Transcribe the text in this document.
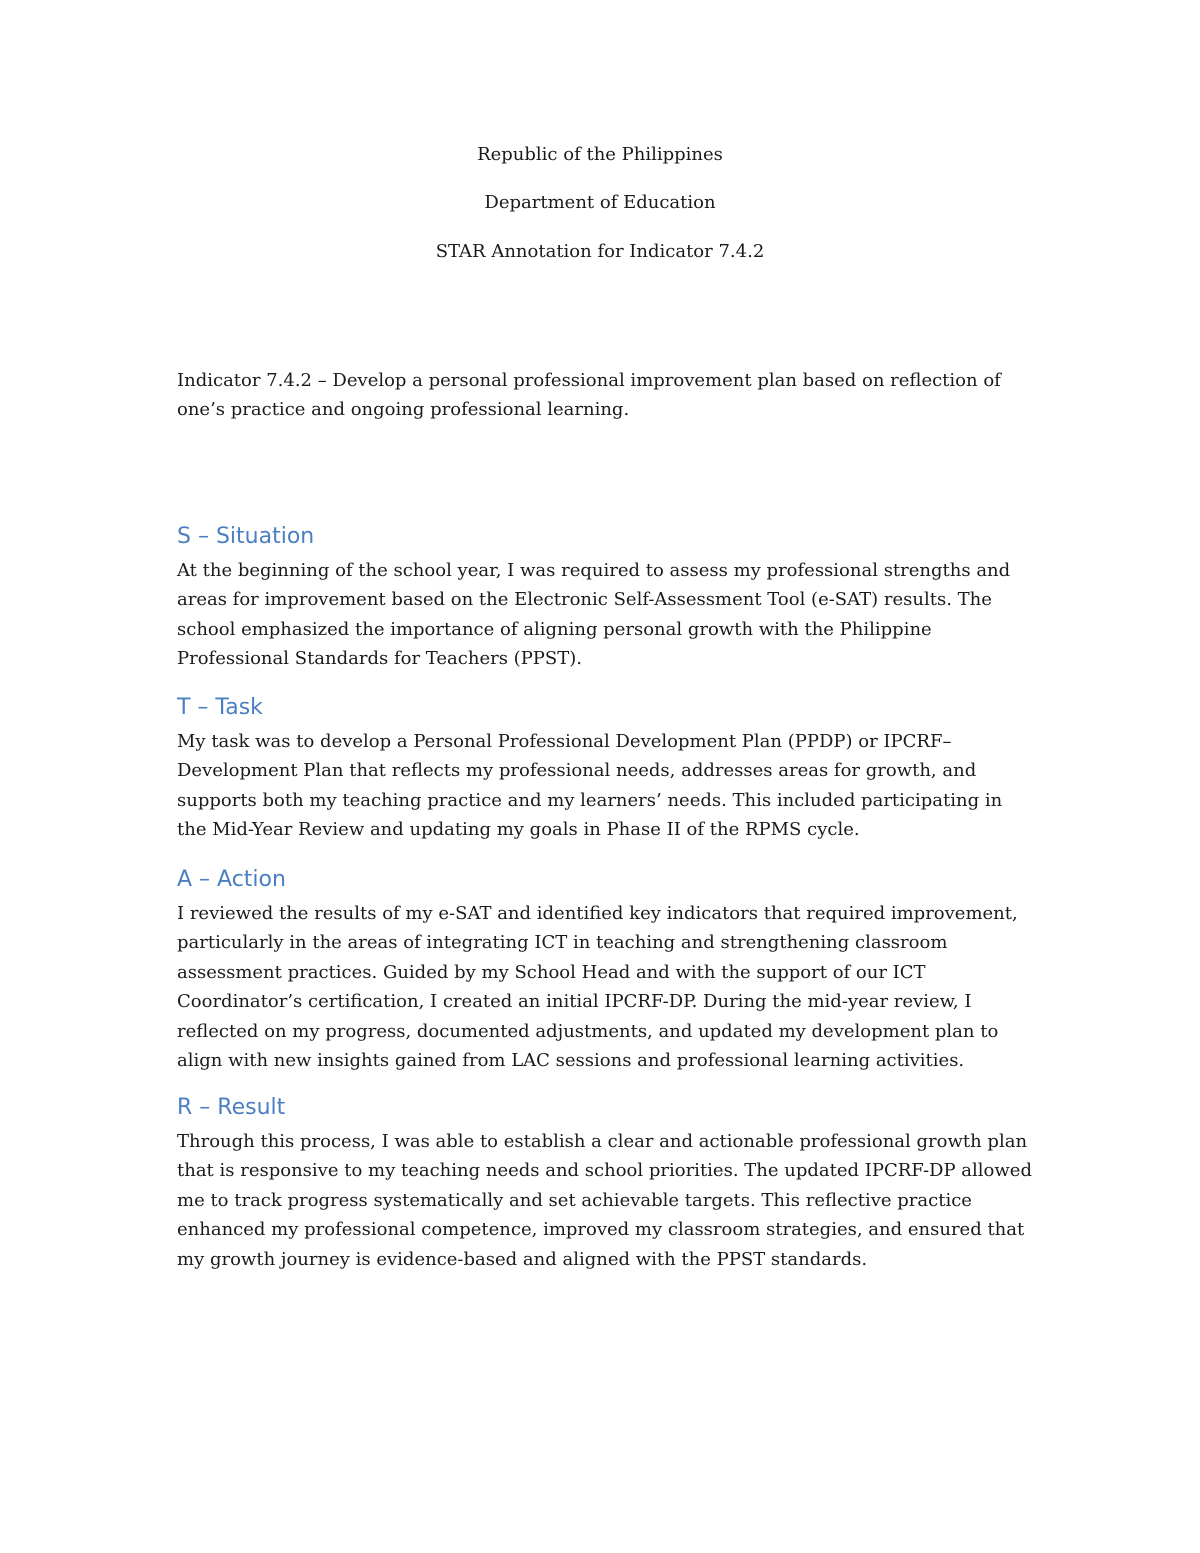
Republic of the Philippines
Department of Education
STAR Annotation for Indicator 7.4.2
Indicator 7.4.2 – Develop a personal professional improvement plan based on reflection of one’s practice and ongoing professional learning.
S – Situation
At the beginning of the school year, I was required to assess my professional strengths and areas for improvement based on the Electronic Self-Assessment Tool (e-SAT) results. The school emphasized the importance of aligning personal growth with the Philippine Professional Standards for Teachers (PPST).
T – Task
My task was to develop a Personal Professional Development Plan (PPDP) or IPCRF–Development Plan that reflects my professional needs, addresses areas for growth, and supports both my teaching practice and my learners’ needs. This included participating in the Mid-Year Review and updating my goals in Phase II of the RPMS cycle.
A – Action
I reviewed the results of my e-SAT and identified key indicators that required improvement, particularly in the areas of integrating ICT in teaching and strengthening classroom assessment practices. Guided by my School Head and with the support of our ICT Coordinator’s certification, I created an initial IPCRF-DP. During the mid-year review, I reflected on my progress, documented adjustments, and updated my development plan to align with new insights gained from LAC sessions and professional learning activities.
R – Result
Through this process, I was able to establish a clear and actionable professional growth plan that is responsive to my teaching needs and school priorities. The updated IPCRF-DP allowed me to track progress systematically and set achievable targets. This reflective practice enhanced my professional competence, improved my classroom strategies, and ensured that my growth journey is evidence-based and aligned with the PPST standards.
